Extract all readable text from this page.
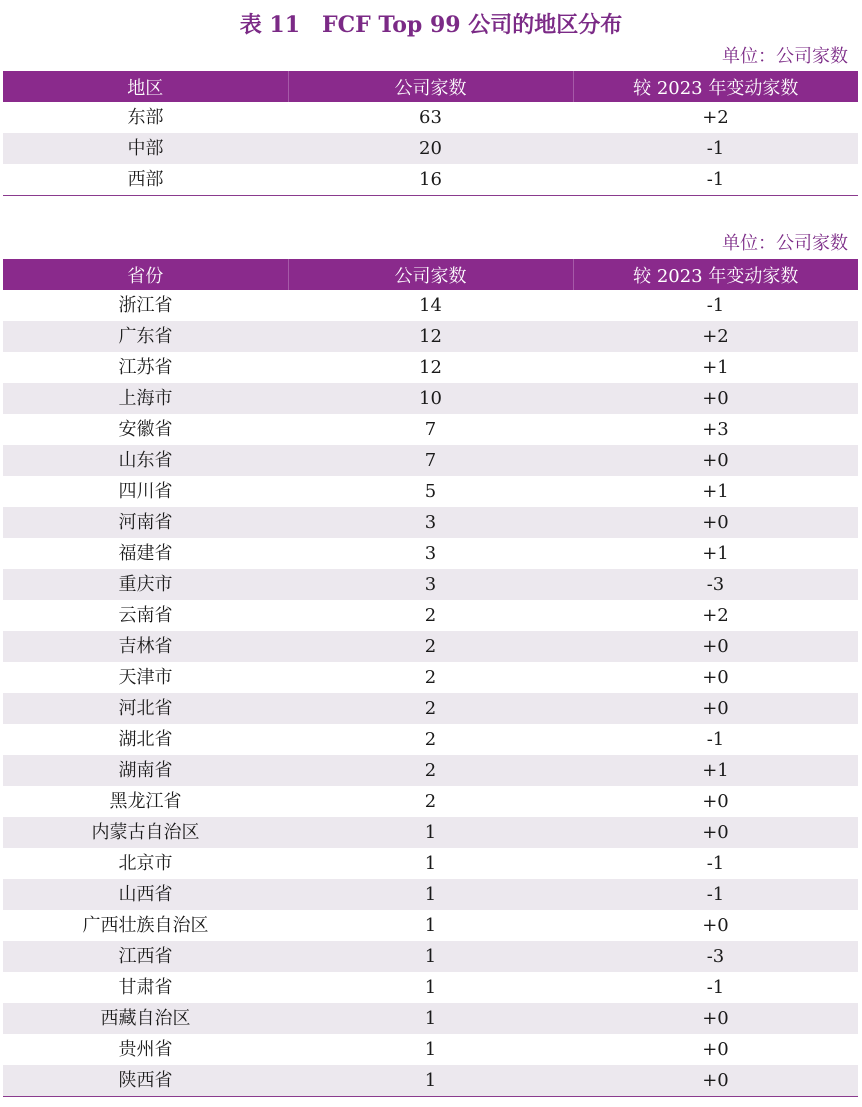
表 11　FCF Top 99 公司的地区分布
单位：公司家数
地区	公司家数	较 2023 年变动家数
东部	63	+2
中部	20	-1
西部	16	-1
单位：公司家数
省份	公司家数	较 2023 年变动家数
浙江省	14	-1
广东省	12	+2
江苏省	12	+1
上海市	10	+0
安徽省	7	+3
山东省	7	+0
四川省	5	+1
河南省	3	+0
福建省	3	+1
重庆市	3	-3
云南省	2	+2
吉林省	2	+0
天津市	2	+0
河北省	2	+0
湖北省	2	-1
湖南省	2	+1
黑龙江省	2	+0
内蒙古自治区	1	+0
北京市	1	-1
山西省	1	-1
广西壮族自治区	1	+0
江西省	1	-3
甘肃省	1	-1
西藏自治区	1	+0
贵州省	1	+0
陕西省	1	+0
